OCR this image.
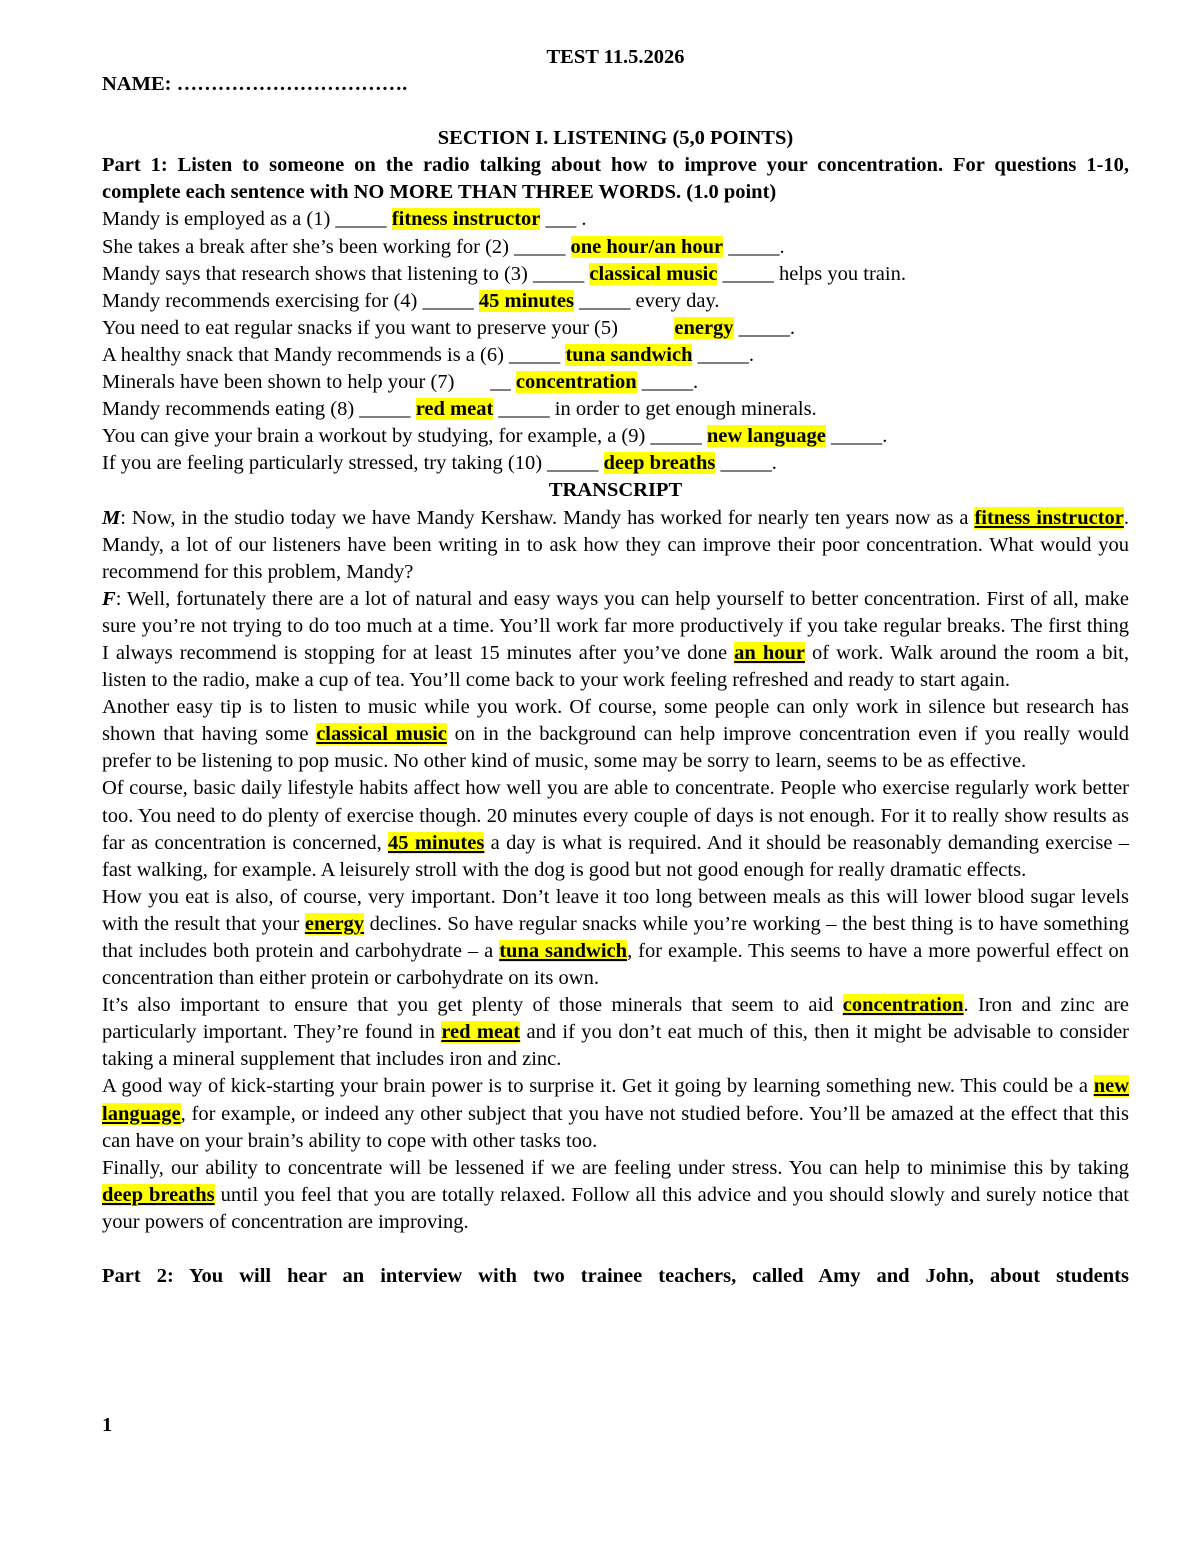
TEST 11.5.2026

NAME: …………………………….

SECTION I. LISTENING (5,0 POINTS)

Part 1: Listen to someone on the radio talking about how to improve your concentration. For questions 1-10, complete each sentence with NO MORE THAN THREE WORDS. (1.0 point)

Mandy is employed as a (1) _____ fitness instructor ___ .

She takes a break after she’s been working for (2) _____ one hour/an hour _____.

Mandy says that research shows that listening to (3) _____ classical music _____ helps you train.

Mandy recommends exercising for (4) _____ 45 minutes _____ every day.

You need to eat regular snacks if you want to preserve your (5)           energy _____.

A healthy snack that Mandy recommends is a (6) _____ tuna sandwich _____.

Minerals have been shown to help your (7)       __ concentration _____.

Mandy recommends eating (8) _____ red meat _____ in order to get enough minerals.

You can give your brain a workout by studying, for example, a (9) _____ new language _____.

If you are feeling particularly stressed, try taking (10) _____ deep breaths _____.

TRANSCRIPT

M: Now, in the studio today we have Mandy Kershaw. Mandy has worked for nearly ten years now as a fitness instructor. Mandy, a lot of our listeners have been writing in to ask how they can improve their poor concentration. What would you recommend for this problem, Mandy?

F: Well, fortunately there are a lot of natural and easy ways you can help yourself to better concentration. First of all, make sure you’re not trying to do too much at a time. You’ll work far more productively if you take regular breaks. The first thing I always recommend is stopping for at least 15 minutes after you’ve done an hour of work. Walk around the room a bit, listen to the radio, make a cup of tea. You’ll come back to your work feeling refreshed and ready to start again.

Another easy tip is to listen to music while you work. Of course, some people can only work in silence but research has shown that having some classical music on in the background can help improve concentration even if you really would prefer to be listening to pop music. No other kind of music, some may be sorry to learn, seems to be as effective.

Of course, basic daily lifestyle habits affect how well you are able to concentrate. People who exercise regularly work better too. You need to do plenty of exercise though. 20 minutes every couple of days is not enough. For it to really show results as far as concentration is concerned, 45 minutes a day is what is required. And it should be reasonably demanding exercise – fast walking, for example. A leisurely stroll with the dog is good but not good enough for really dramatic effects.

How you eat is also, of course, very important. Don’t leave it too long between meals as this will lower blood sugar levels with the result that your energy declines. So have regular snacks while you’re working – the best thing is to have something that includes both protein and carbohydrate – a tuna sandwich, for example. This seems to have a more powerful effect on concentration than either protein or carbohydrate on its own.

It’s also important to ensure that you get plenty of those minerals that seem to aid concentration. Iron and zinc are particularly important. They’re found in red meat and if you don’t eat much of this, then it might be advisable to consider taking a mineral supplement that includes iron and zinc.

A good way of kick-starting your brain power is to surprise it. Get it going by learning something new. This could be a new language, for example, or indeed any other subject that you have not studied before. You’ll be amazed at the effect that this can have on your brain’s ability to cope with other tasks too.

Finally, our ability to concentrate will be lessened if we are feeling under stress. You can help to minimise this by taking deep breaths until you feel that you are totally relaxed. Follow all this advice and you should slowly and surely notice that your powers of concentration are improving.

Part 2: You will hear an interview with two trainee teachers, called Amy and John, about students

1
